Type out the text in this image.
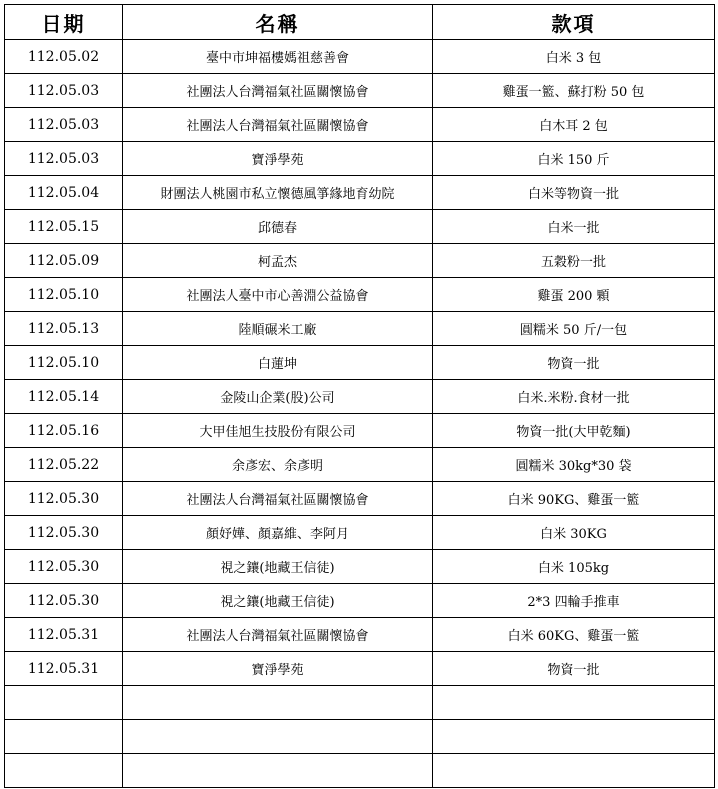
日期	名稱	款項
112.05.02	臺中市坤福樓媽祖慈善會	白米 3 包
112.05.03	社團法人台灣福氣社區關懷協會	雞蛋一籃、蘇打粉 50 包
112.05.03	社團法人台灣福氣社區關懷協會	白木耳 2 包
112.05.03	寶淨學苑	白米 150 斤
112.05.04	財團法人桃園市私立懷德風箏緣地育幼院	白米等物資一批
112.05.15	邱德春	白米一批
112.05.09	柯孟杰	五穀粉一批
112.05.10	社團法人臺中市心善淵公益協會	雞蛋 200 顆
112.05.13	陸順碾米工廠	圓糯米 50 斤/一包
112.05.10	白蓮坤	物資一批
112.05.14	金陵山企業(股)公司	白米.米粉.食材一批
112.05.16	大甲佳旭生技股份有限公司	物資一批(大甲乾麵)
112.05.22	余彥宏、余彥明	圓糯米 30kg*30 袋
112.05.30	社團法人台灣福氣社區關懷協會	白米 90KG、雞蛋一籃
112.05.30	顏妤嬅、顏嘉維、李阿月	白米 30KG
112.05.30	視之鑲(地藏王信徒)	白米 105kg
112.05.30	視之鑲(地藏王信徒)	2*3 四輪手推車
112.05.31	社團法人台灣福氣社區關懷協會	白米 60KG、雞蛋一籃
112.05.31	寶淨學苑	物資一批
